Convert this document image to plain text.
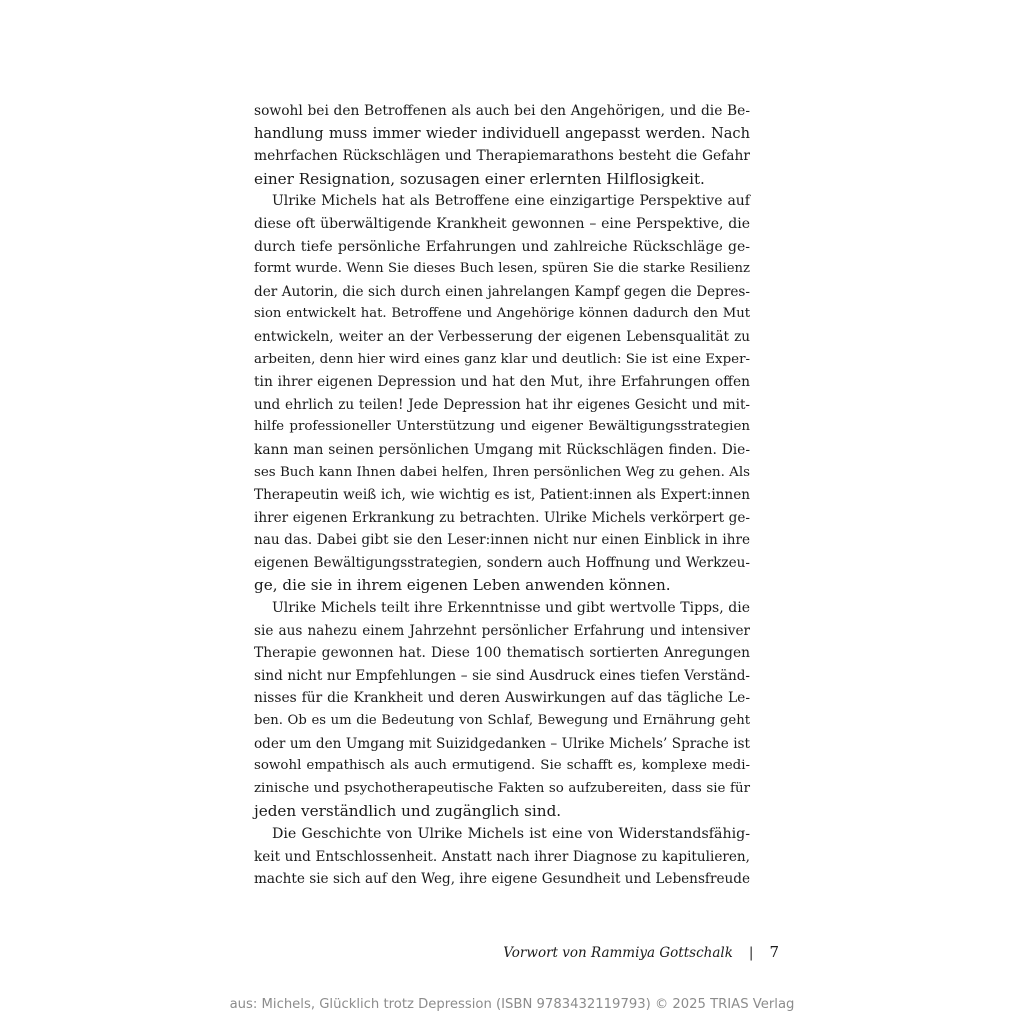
sowohl bei den Betroffenen als auch bei den Angehörigen, und die Be-
handlung muss immer wieder individuell angepasst werden. Nach
mehrfachen Rückschlägen und Therapiemarathons besteht die Gefahr
einer Resignation, sozusagen einer erlernten Hilflosigkeit.
Ulrike Michels hat als Betroffene eine einzigartige Perspektive auf
diese oft überwältigende Krankheit gewonnen – eine Perspektive, die
durch tiefe persönliche Erfahrungen und zahlreiche Rückschläge ge-
formt wurde. Wenn Sie dieses Buch lesen, spüren Sie die starke Resilienz
der Autorin, die sich durch einen jahrelangen Kampf gegen die Depres-
sion entwickelt hat. Betroffene und Angehörige können dadurch den Mut
entwickeln, weiter an der Verbesserung der eigenen Lebensqualität zu
arbeiten, denn hier wird eines ganz klar und deutlich: Sie ist eine Exper-
tin ihrer eigenen Depression und hat den Mut, ihre Erfahrungen offen
und ehrlich zu teilen! Jede Depression hat ihr eigenes Gesicht und mit-
hilfe professioneller Unterstützung und eigener Bewältigungsstrategien
kann man seinen persönlichen Umgang mit Rückschlägen finden. Die-
ses Buch kann Ihnen dabei helfen, Ihren persönlichen Weg zu gehen. Als
Therapeutin weiß ich, wie wichtig es ist, Patient:innen als Expert:innen
ihrer eigenen Erkrankung zu betrachten. Ulrike Michels verkörpert ge-
nau das. Dabei gibt sie den Leser:innen nicht nur einen Einblick in ihre
eigenen Bewältigungsstrategien, sondern auch Hoffnung und Werkzeu-
ge, die sie in ihrem eigenen Leben anwenden können.
Ulrike Michels teilt ihre Erkenntnisse und gibt wertvolle Tipps, die
sie aus nahezu einem Jahrzehnt persönlicher Erfahrung und intensiver
Therapie gewonnen hat. Diese 100 thematisch sortierten Anregungen
sind nicht nur Empfehlungen – sie sind Ausdruck eines tiefen Verständ-
nisses für die Krankheit und deren Auswirkungen auf das tägliche Le-
ben. Ob es um die Bedeutung von Schlaf, Bewegung und Ernährung geht
oder um den Umgang mit Suizidgedanken – Ulrike Michels’ Sprache ist
sowohl empathisch als auch ermutigend. Sie schafft es, komplexe medi-
zinische und psychotherapeutische Fakten so aufzubereiten, dass sie für
jeden verständlich und zugänglich sind.
Die Geschichte von Ulrike Michels ist eine von Widerstandsfähig-
keit und Entschlossenheit. Anstatt nach ihrer Diagnose zu kapitulieren,
machte sie sich auf den Weg, ihre eigene Gesundheit und Lebensfreude
Vorwort von Rammiya Gottschalk | 7
aus: Michels, Glücklich trotz Depression (ISBN 9783432119793) © 2025 TRIAS Verlag
